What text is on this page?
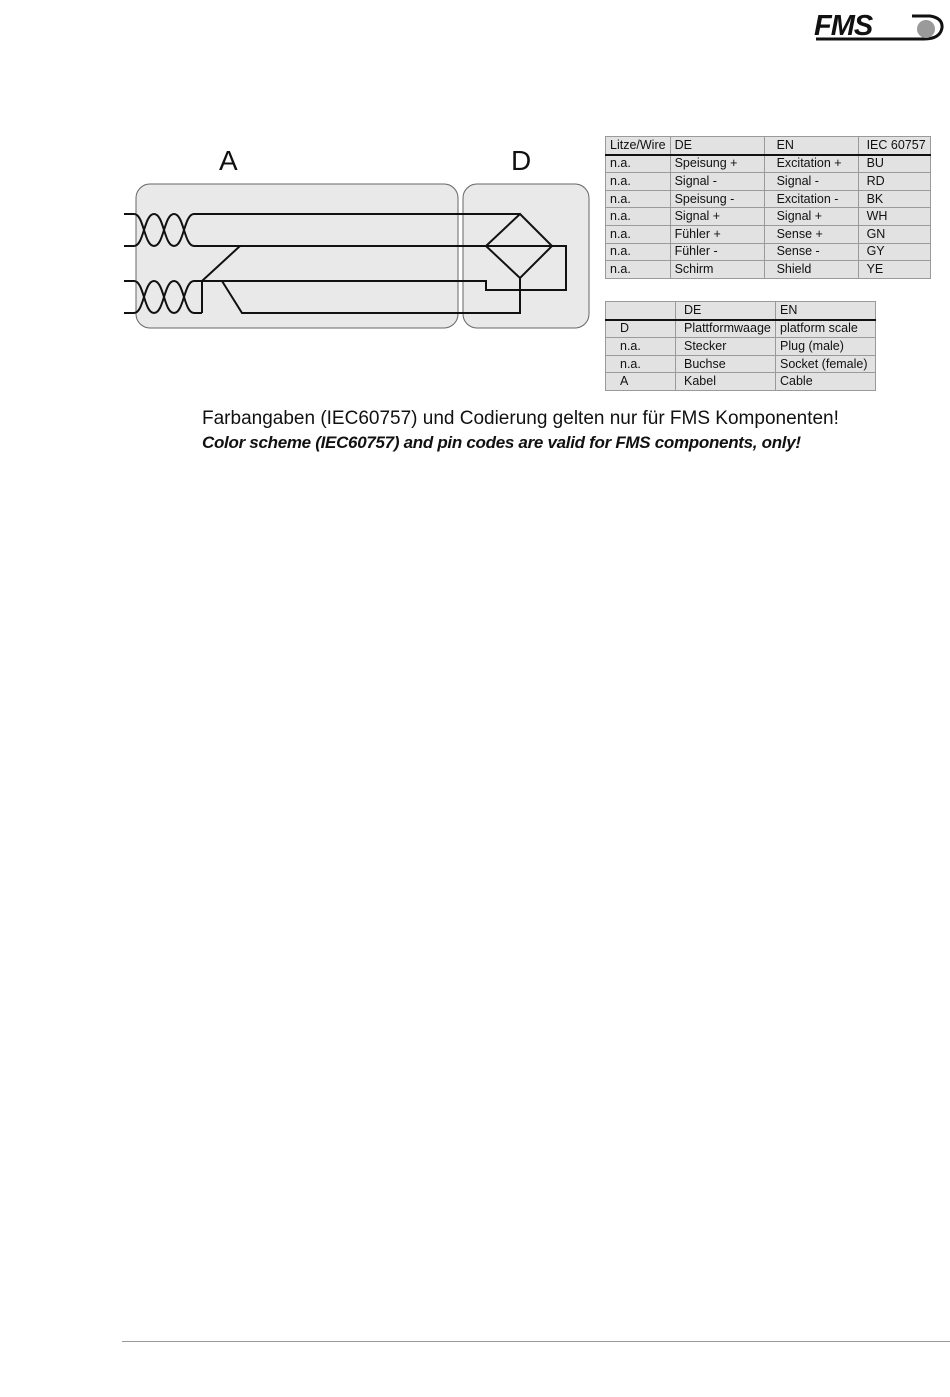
FMS
A	D
Litze/Wire	DE	EN	IEC 60757
n.a.	Speisung +	Excitation +	BU
n.a.	Signal -	Signal -	RD
n.a.	Speisung -	Excitation -	BK
n.a.	Signal +	Signal +	WH
n.a.	Fühler +	Sense +	GN
n.a.	Fühler -	Sense -	GY
n.a.	Schirm	Shield	YE
	DE	EN
D	Plattformwaage	platform scale
n.a.	Stecker	Plug (male)
n.a.	Buchse	Socket (female)
A	Kabel	Cable
Farbangaben (IEC60757) und Codierung gelten nur für FMS Komponenten!
Color scheme (IEC60757) and pin codes are valid for FMS components, only!
